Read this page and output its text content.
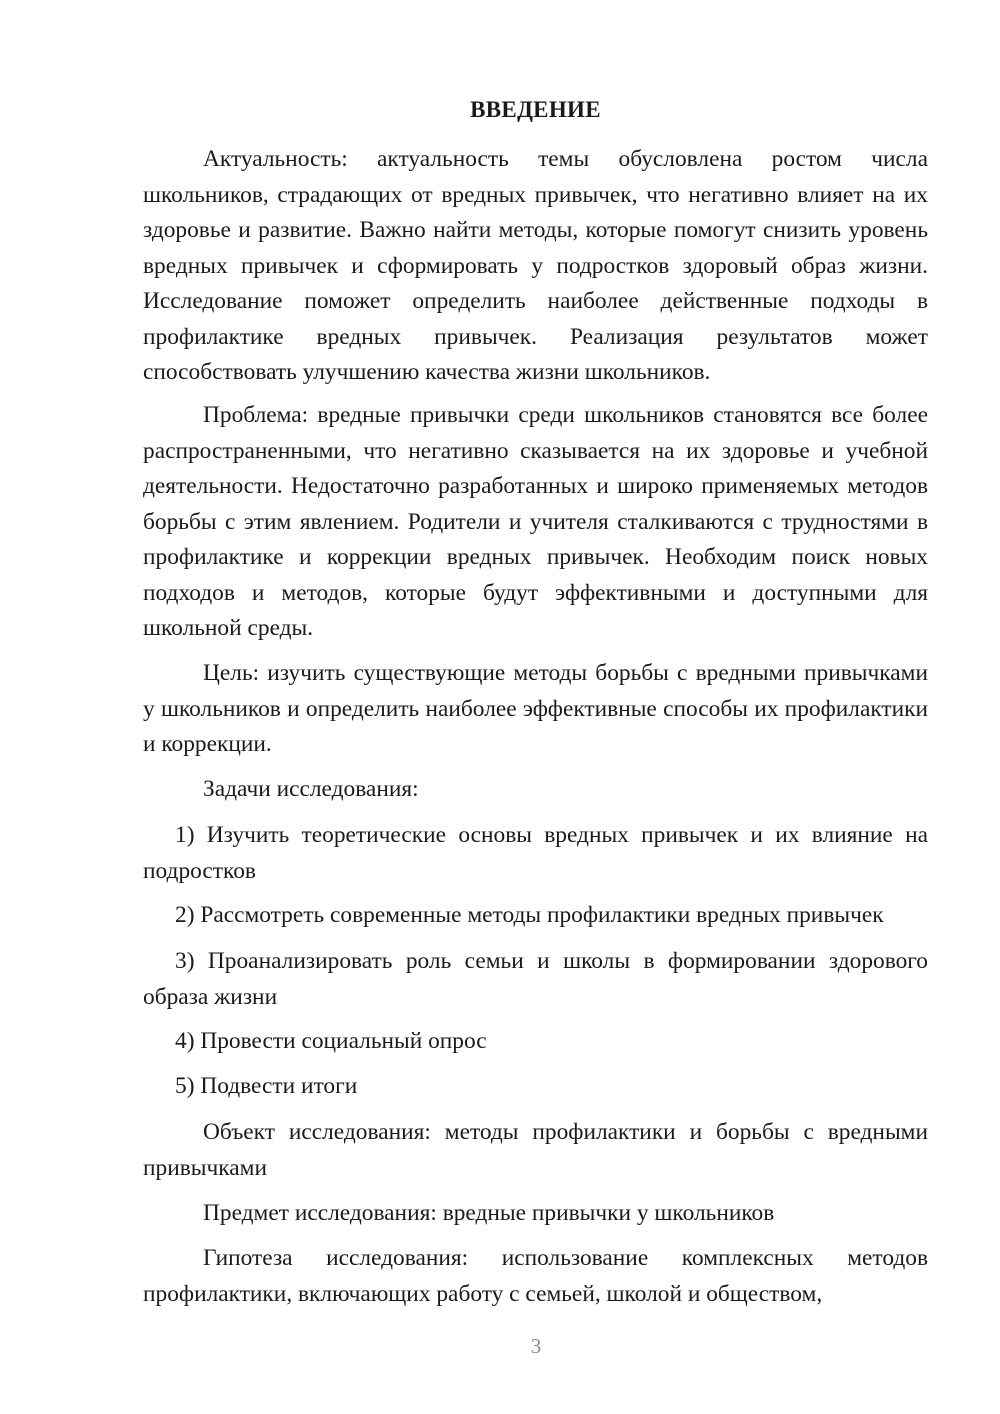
ВВЕДЕНИЕ

Актуальность: актуальность темы обусловлена ростом числа школьников, страдающих от вредных привычек, что негативно влияет на их здоровье и развитие. Важно найти методы, которые помогут снизить уровень вредных привычек и сформировать у подростков здоровый образ жизни. Исследование поможет определить наиболее действенные подходы в профилактике вредных привычек. Реализация результатов может способствовать улучшению качества жизни школьников.

Проблема: вредные привычки среди школьников становятся все более распространенными, что негативно сказывается на их здоровье и учебной деятельности. Недостаточно разработанных и широко применяемых методов борьбы с этим явлением. Родители и учителя сталкиваются с трудностями в профилактике и коррекции вредных привычек. Необходим поиск новых подходов и методов, которые будут эффективными и доступными для школьной среды.

Цель: изучить существующие методы борьбы с вредными привычками у школьников и определить наиболее эффективные способы их профилактики и коррекции.

Задачи исследования:

1) Изучить теоретические основы вредных привычек и их влияние на подростков

2) Рассмотреть современные методы профилактики вредных привычек

3) Проанализировать роль семьи и школы в формировании здорового образа жизни

4) Провести социальный опрос

5) Подвести итоги

Объект исследования: методы профилактики и борьбы с вредными привычками

Предмет исследования: вредные привычки у школьников

Гипотеза исследования: использование комплексных методов профилактики, включающих работу с семьей, школой и обществом,

3
